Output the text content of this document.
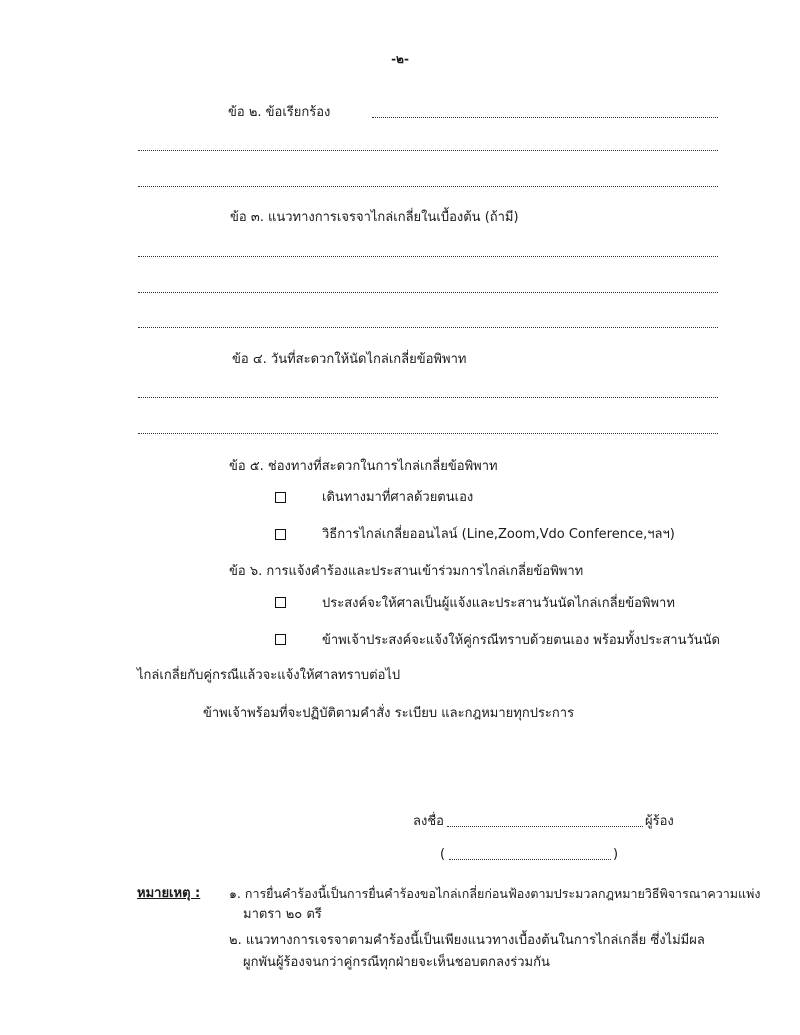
-๒-
ข้อ ๒. ข้อเรียกร้อง
ข้อ ๓. แนวทางการเจรจาไกล่เกลี่ยในเบื้องต้น (ถ้ามี)
ข้อ ๔. วันที่สะดวกให้นัดไกล่เกลี่ยข้อพิพาท
ข้อ ๕. ช่องทางที่สะดวกในการไกล่เกลี่ยข้อพิพาท
เดินทางมาที่ศาลด้วยตนเอง
วิธีการไกล่เกลี่ยออนไลน์ (Line,Zoom,Vdo Conference,ฯลฯ)
ข้อ ๖. การแจ้งคำร้องและประสานเข้าร่วมการไกล่เกลี่ยข้อพิพาท
ประสงค์จะให้ศาลเป็นผู้แจ้งและประสานวันนัดไกล่เกลี่ยข้อพิพาท
ข้าพเจ้าประสงค์จะแจ้งให้คู่กรณีทราบด้วยตนเอง พร้อมทั้งประสานวันนัด
ไกล่เกลี่ยกับคู่กรณีแล้วจะแจ้งให้ศาลทราบต่อไป
ข้าพเจ้าพร้อมที่จะปฏิบัติตามคำสั่ง ระเบียบ และกฎหมายทุกประการ
ลงชื่อ	ผู้ร้อง
(	)
หมายเหตุ : ๑. การยื่นคำร้องนี้เป็นการยื่นคำร้องขอไกล่เกลี่ยก่อนฟ้องตามประมวลกฎหมายวิธีพิจารณาความแพ่ง
มาตรา ๒๐ ตรี
๒. แนวทางการเจรจาตามคำร้องนี้เป็นเพียงแนวทางเบื้องต้นในการไกล่เกลี่ย ซึ่งไม่มีผล
ผูกพันผู้ร้องจนกว่าคู่กรณีทุกฝ่ายจะเห็นชอบตกลงร่วมกัน
